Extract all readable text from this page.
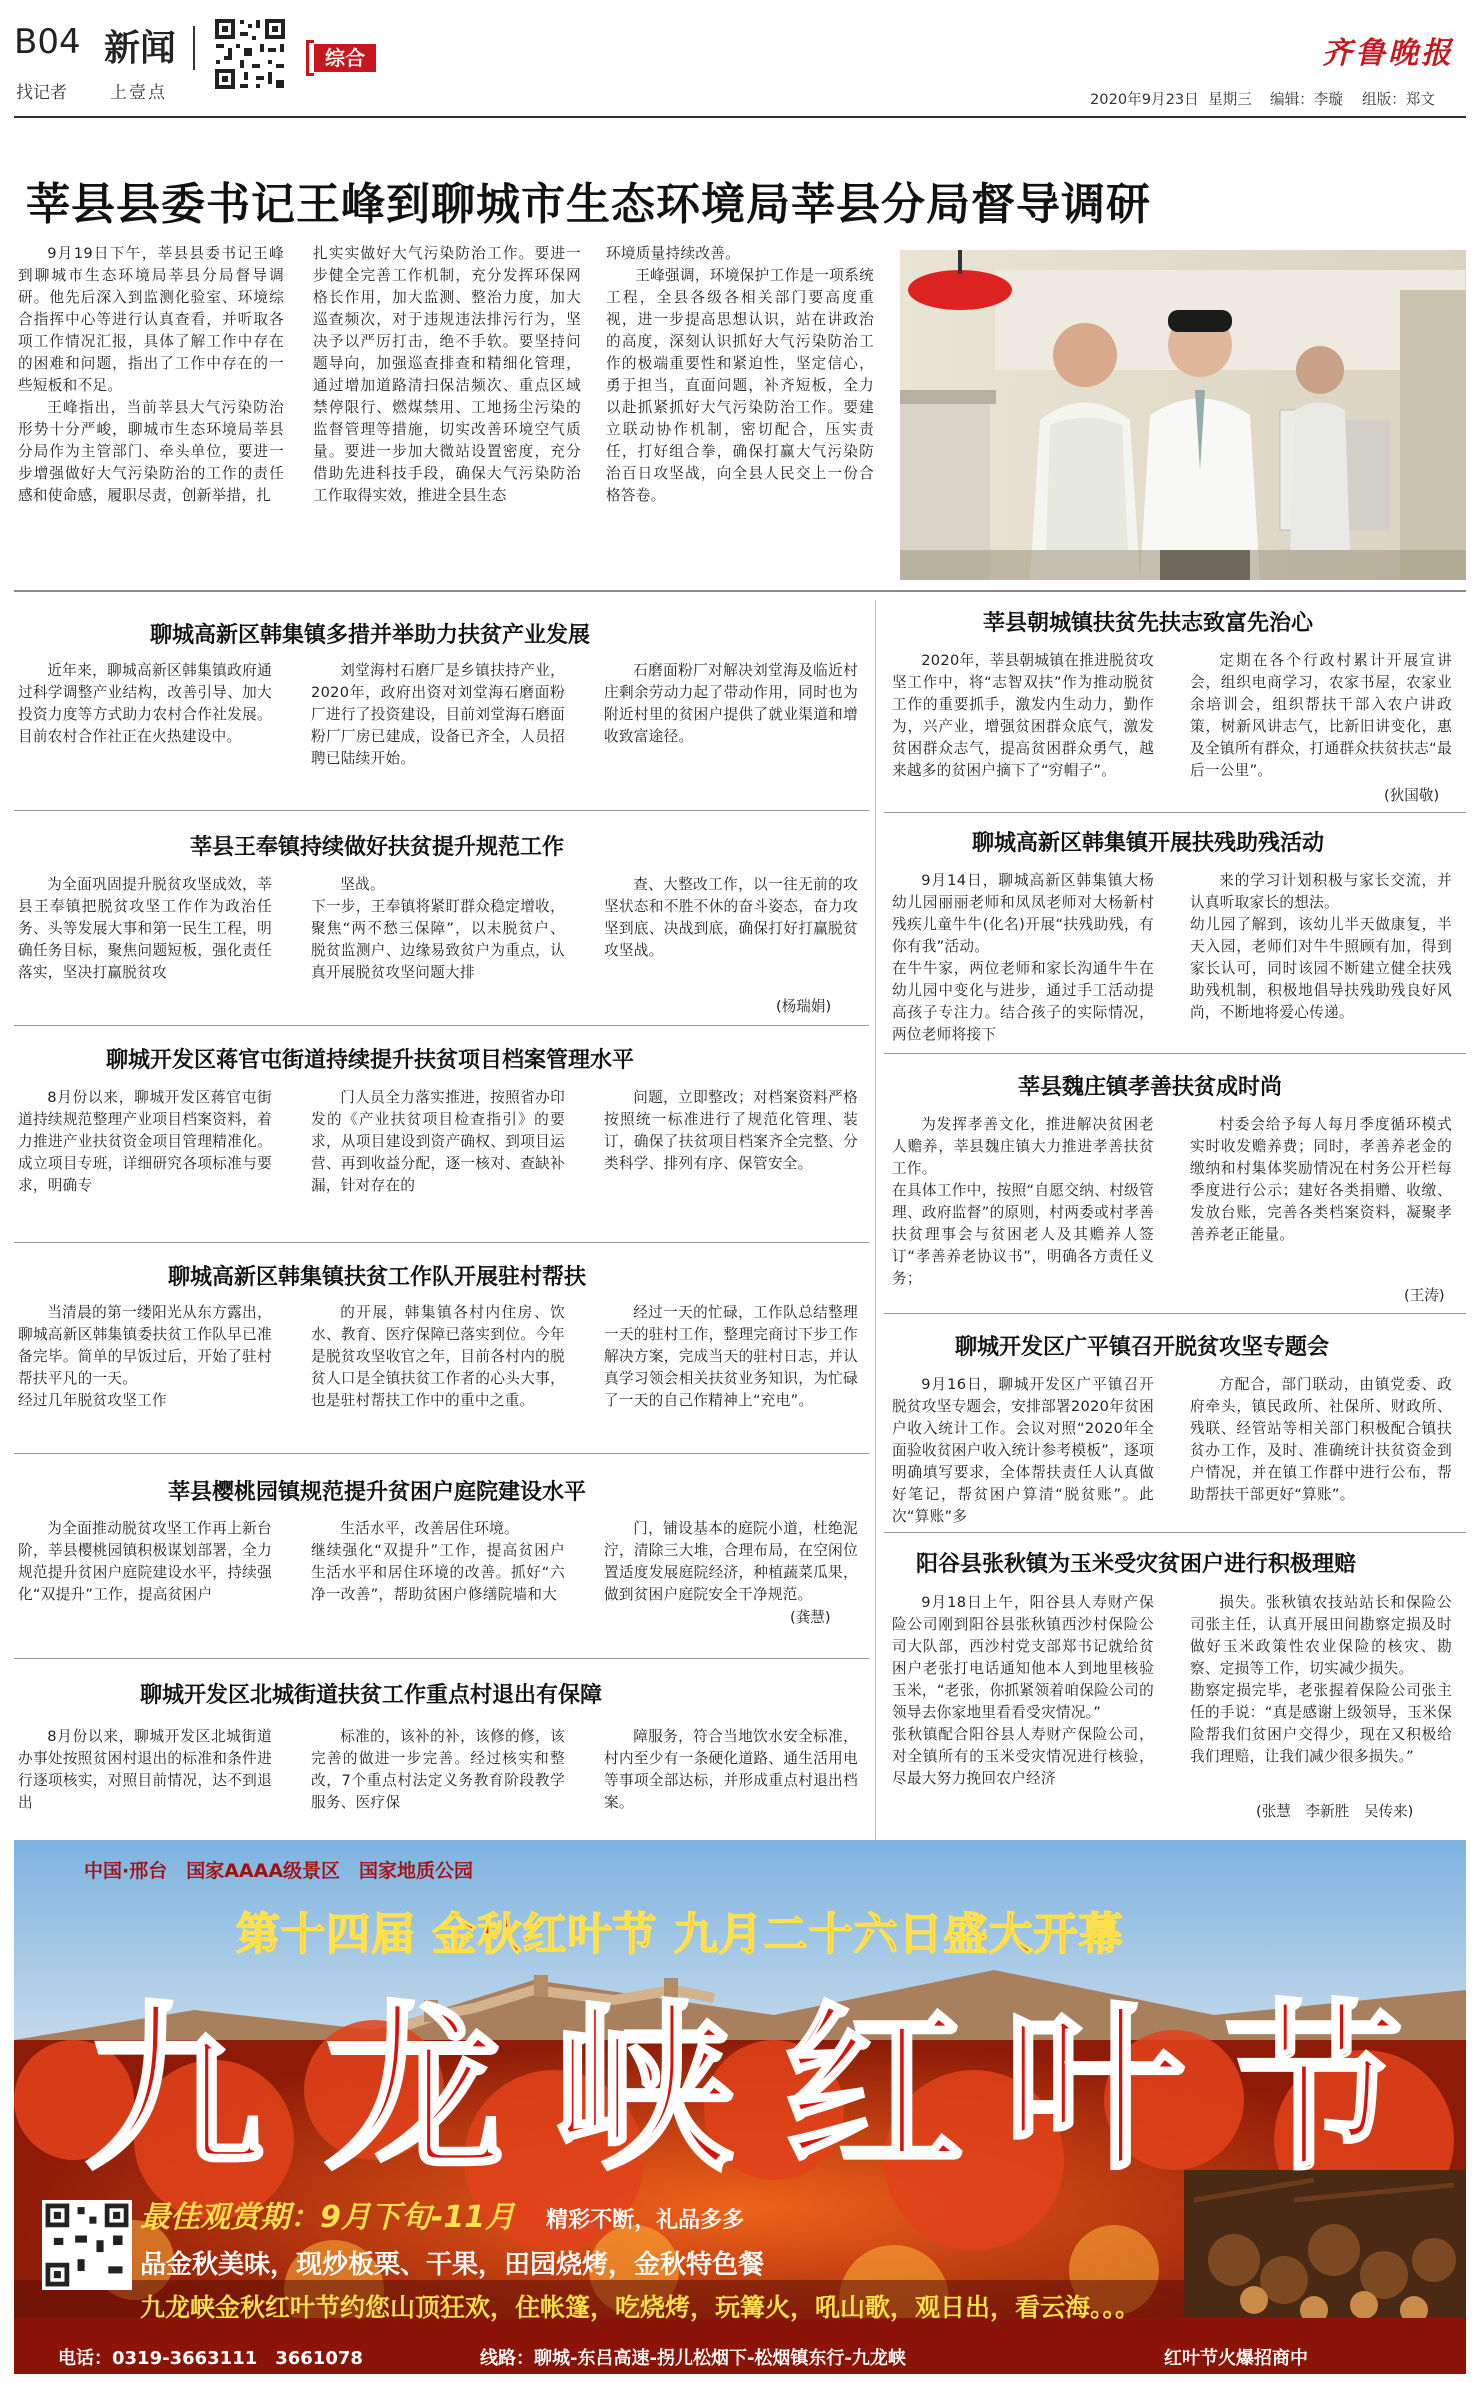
B04 新闻
找记者	上壹点
综合	齐鲁晚报
2020年9月23日 星期三 编辑：李璇 组版：郑文
莘县县委书记王峰到聊城市生态环境局莘县分局督导调研

9月19日下午，莘县县委书记王峰到聊城市生态环境局莘县分局督导调研。他先后深入到监测化验室、环境综合指挥中心等进行认真查看，并听取各项工作情况汇报，具体了解工作中存在的困难和问题，指出了工作中存在的一些短板和不足。

王峰指出，当前莘县大气污染防治形势十分严峻，聊城市生态环境局莘县分局作为主管部门、牵头单位，要进一步增强做好大气污染防治的工作的责任感和使命感，履职尽责，创新举措，扎

扎实实做好大气污染防治工作。要进一步健全完善工作机制，充分发挥环保网格长作用，加大监测、整治力度，加大巡查频次，对于违规违法排污行为，坚决予以严厉打击，绝不手软。要坚持问题导向，加强巡查排查和精细化管理，通过增加道路清扫保洁频次、重点区域禁停限行、燃煤禁用、工地扬尘污染的监督管理等措施，切实改善环境空气质量。要进一步加大微站设置密度，充分借助先进科技手段，确保大气污染防治工作取得实效，推进全县生态

环境质量持续改善。

王峰强调，环境保护工作是一项系统工程，全县各级各相关部门要高度重视，进一步提高思想认识，站在讲政治的高度，深刻认识抓好大气污染防治工作的极端重要性和紧迫性，坚定信心，勇于担当，直面问题，补齐短板，全力以赴抓紧抓好大气污染防治工作。要建立联动协作机制，密切配合，压实责任，打好组合拳，确保打赢大气污染防治百日攻坚战，向全县人民交上一份合格答卷。

聊城高新区韩集镇多措并举助力扶贫产业发展

近年来，聊城高新区韩集镇政府通过科学调整产业结构，改善引导、加大投资力度等方式助力农村合作社发展。目前农村合作社正在火热建设中。

刘堂海村石磨厂是乡镇扶持产业，2020年，政府出资对刘堂海石磨面粉厂进行了投资建设，目前刘堂海石磨面粉厂厂房已建成，设备已齐全，人员招聘已陆续开始。

石磨面粉厂对解决刘堂海及临近村庄剩余劳动力起了带动作用，同时也为附近村里的贫困户提供了就业渠道和增收致富途径。

莘县王奉镇持续做好扶贫提升规范工作

为全面巩固提升脱贫攻坚成效，莘县王奉镇把脱贫攻坚工作作为政治任务、头等发展大事和第一民生工程，明确任务目标，聚焦问题短板，强化责任落实，坚决打赢脱贫攻

坚战。
下一步，王奉镇将紧盯群众稳定增收，聚焦“两不愁三保障”，以未脱贫户、脱贫监测户、边缘易致贫户为重点，认真开展脱贫攻坚问题大排

查、大整改工作，以一往无前的攻坚状态和不胜不休的奋斗姿态，奋力攻坚到底、决战到底，确保打好打赢脱贫攻坚战。

(杨瑞娟)
聊城开发区蒋官屯街道持续提升扶贫项目档案管理水平

8月份以来，聊城开发区蒋官屯街道持续规范整理产业项目档案资料，着力推进产业扶贫资金项目管理精准化。成立项目专班，详细研究各项标准与要求，明确专

门人员全力落实推进，按照省办印发的《产业扶贫项目检查指引》的要求，从项目建设到资产确权、到项目运营、再到收益分配，逐一核对、查缺补漏，针对存在的

问题，立即整改；对档案资料严格按照统一标准进行了规范化管理、装订，确保了扶贫项目档案齐全完整、分类科学、排列有序、保管安全。

聊城高新区韩集镇扶贫工作队开展驻村帮扶

当清晨的第一缕阳光从东方露出，聊城高新区韩集镇委扶贫工作队早已准备完毕。简单的早饭过后，开始了驻村帮扶平凡的一天。
经过几年脱贫攻坚工作

的开展，韩集镇各村内住房、饮水、教育、医疗保障已落实到位。今年是脱贫攻坚收官之年，目前各村内的脱贫人口是全镇扶贫工作者的心头大事，也是驻村帮扶工作中的重中之重。

经过一天的忙碌，工作队总结整理一天的驻村工作，整理完商讨下步工作解决方案，完成当天的驻村日志，并认真学习领会相关扶贫业务知识，为忙碌了一天的自己作精神上“充电”。

莘县樱桃园镇规范提升贫困户庭院建设水平

为全面推动脱贫攻坚工作再上新台阶，莘县樱桃园镇积极谋划部署，全力规范提升贫困户庭院建设水平，持续强化“双提升”工作，提高贫困户

生活水平，改善居住环境。
继续强化“双提升”工作，提高贫困户生活水平和居住环境的改善。抓好“六净一改善”，帮助贫困户修缮院墙和大

门，铺设基本的庭院小道，杜绝泥泞，清除三大堆，合理布局，在空闲位置适度发展庭院经济，种植蔬菜瓜果，做到贫困户庭院安全干净规范。

(龚慧)
聊城开发区北城街道扶贫工作重点村退出有保障

8月份以来，聊城开发区北城街道办事处按照贫困村退出的标准和条件进行逐项核实，对照目前情况，达不到退出

标准的，该补的补，该修的修，该完善的做进一步完善。经过核实和整改，7个重点村法定义务教育阶段教学服务、医疗保

障服务，符合当地饮水安全标准，村内至少有一条硬化道路、通生活用电等事项全部达标，并形成重点村退出档案。

莘县朝城镇扶贫先扶志致富先治心

2020年，莘县朝城镇在推进脱贫攻坚工作中，将“志智双扶”作为推动脱贫工作的重要抓手，激发内生动力，勤作为，兴产业，增强贫困群众底气，激发贫困群众志气，提高贫困群众勇气，越来越多的贫困户摘下了“穷帽子”。

定期在各个行政村累计开展宣讲会，组织电商学习，农家书屋，农家业余培训会，组织帮扶干部入农户讲政策，树新风讲志气，比新旧讲变化，惠及全镇所有群众，打通群众扶贫扶志“最后一公里”。

(狄国敬)
聊城高新区韩集镇开展扶残助残活动

9月14日，聊城高新区韩集镇大杨幼儿园丽丽老师和凤凤老师对大杨新村残疾儿童牛牛(化名)开展“扶残助残，有你有我”活动。
在牛牛家，两位老师和家长沟通牛牛在幼儿园中变化与进步，通过手工活动提高孩子专注力。结合孩子的实际情况，两位老师将接下

来的学习计划积极与家长交流，并认真听取家长的想法。
幼儿园了解到，该幼儿半天做康复，半天入园，老师们对牛牛照顾有加，得到家长认可，同时该园不断建立健全扶残助残机制，积极地倡导扶残助残良好风尚，不断地将爱心传递。

莘县魏庄镇孝善扶贫成时尚

为发挥孝善文化，推进解决贫困老人赡养，莘县魏庄镇大力推进孝善扶贫工作。
在具体工作中，按照“自愿交纳、村级管理、政府监督”的原则，村两委或村孝善扶贫理事会与贫困老人及其赡养人签订“孝善养老协议书”，明确各方责任义务；

村委会给予每人每月季度循环模式实时收发赡养费；同时，孝善养老金的缴纳和村集体奖励情况在村务公开栏每季度进行公示；建好各类捐赠、收缴、发放台账，完善各类档案资料，凝聚孝善养老正能量。

(王涛)
聊城开发区广平镇召开脱贫攻坚专题会

9月16日，聊城开发区广平镇召开脱贫攻坚专题会，安排部署2020年贫困户收入统计工作。会议对照“2020年全面验收贫困户收入统计参考模板”，逐项明确填写要求，全体帮扶责任人认真做好笔记，帮贫困户算清“脱贫账”。此次“算账”多

方配合，部门联动，由镇党委、政府牵头，镇民政所、社保所、财政所、残联、经管站等相关部门积极配合镇扶贫办工作，及时、准确统计扶贫资金到户情况，并在镇工作群中进行公布，帮助帮扶干部更好“算账”。

阳谷县张秋镇为玉米受灾贫困户进行积极理赔

9月18日上午，阳谷县人寿财产保险公司刚到阳谷县张秋镇西沙村保险公司大队部，西沙村党支部郑书记就给贫困户老张打电话通知他本人到地里核验玉米，“老张，你抓紧领着咱保险公司的领导去你家地里看看受灾情况。”
张秋镇配合阳谷县人寿财产保险公司，对全镇所有的玉米受灾情况进行核验，尽最大努力挽回农户经济

损失。张秋镇农技站站长和保险公司张主任，认真开展田间勘察定损及时做好玉米政策性农业保险的核灾、勘察、定损等工作，切实减少损失。
勘察定损完毕，老张握着保险公司张主任的手说：“真是感谢上级领导，玉米保险帮我们贫困户交得少，现在又积极给我们理赔，让我们减少很多损失。”

(张慧　李新胜　吴传来)
中国·邢台　国家AAAA级景区　国家地质公园
第十四届 金秋红叶节 九月二十六日盛大开幕
九 龙 峡 红 叶 节
最佳观赏期：9月下旬-11月 精彩不断，礼品多多
品金秋美味，现炒板栗、干果，田园烧烤，金秋特色餐
九龙峡金秋红叶节约您山顶狂欢，住帐篷，吃烧烤，玩篝火，吼山歌，观日出，看云海。。。
电话：0319-3663111　3661078	线路：聊城-东吕高速-拐儿松烟下-松烟镇东行-九龙峡	红叶节火爆招商中
